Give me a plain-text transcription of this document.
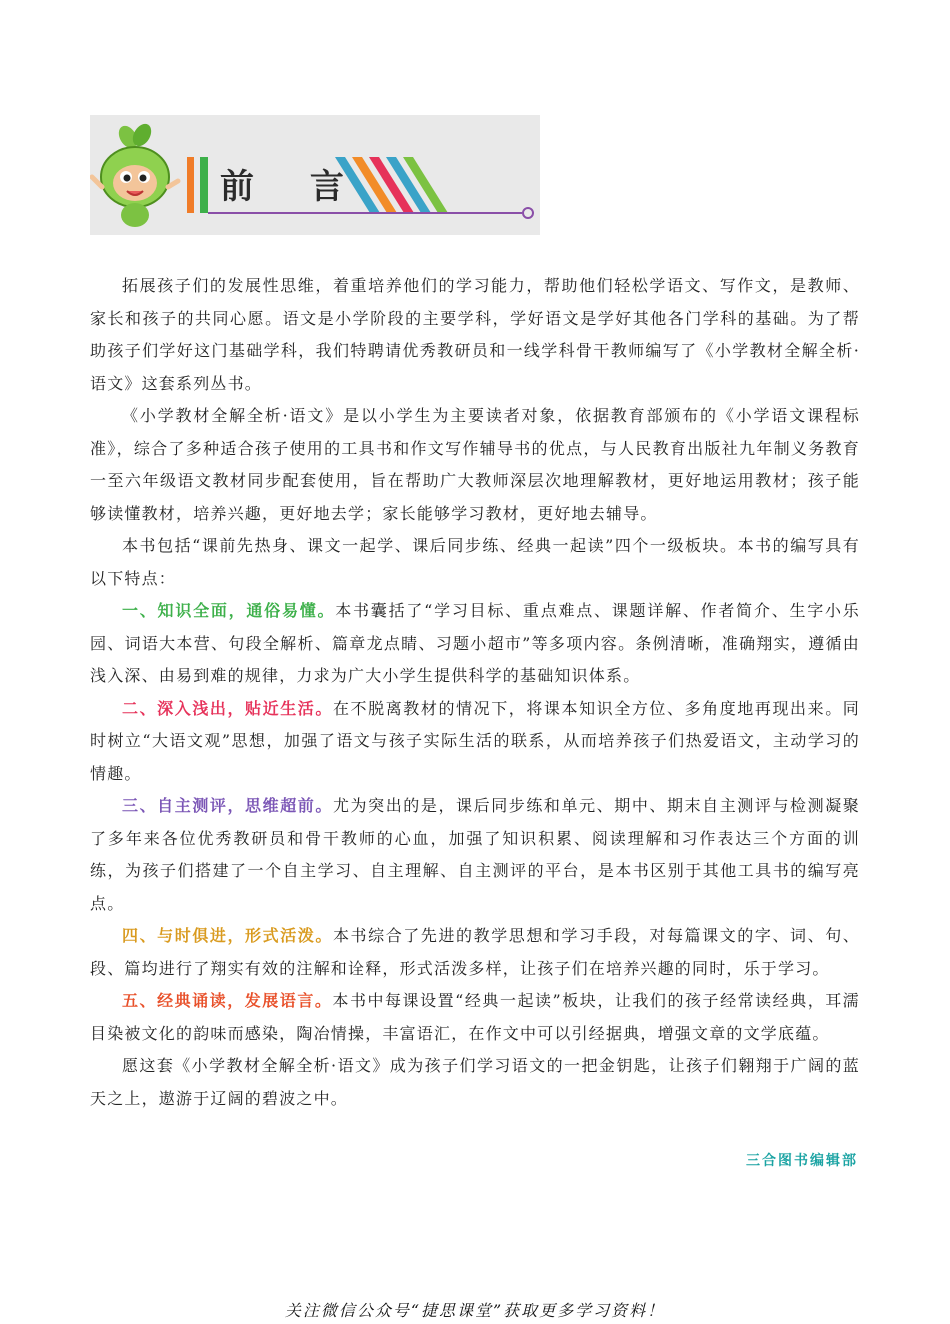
前 言

拓展孩子们的发展性思维，着重培养他们的学习能力，帮助他们轻松学语文、写作文，是教师、家长和孩子的共同心愿。语文是小学阶段的主要学科，学好语文是学好其他各门学科的基础。为了帮助孩子们学好这门基础学科，我们特聘请优秀教研员和一线学科骨干教师编写了《小学教材全解全析·语文》这套系列丛书。

《小学教材全解全析·语文》是以小学生为主要读者对象，依据教育部颁布的《小学语文课程标准》，综合了多种适合孩子使用的工具书和作文写作辅导书的优点，与人民教育出版社九年制义务教育一至六年级语文教材同步配套使用，旨在帮助广大教师深层次地理解教材，更好地运用教材；孩子能够读懂教材，培养兴趣，更好地去学；家长能够学习教材，更好地去辅导。

本书包括“课前先热身、课文一起学、课后同步练、经典一起读”四个一级板块。本书的编写具有以下特点：

一、知识全面，通俗易懂。本书囊括了“学习目标、重点难点、课题详解、作者简介、生字小乐园、词语大本营、句段全解析、篇章龙点睛、习题小超市”等多项内容。条例清晰，准确翔实，遵循由浅入深、由易到难的规律，力求为广大小学生提供科学的基础知识体系。

二、深入浅出，贴近生活。在不脱离教材的情况下，将课本知识全方位、多角度地再现出来。同时树立“大语文观”思想，加强了语文与孩子实际生活的联系，从而培养孩子们热爱语文，主动学习的情趣。

三、自主测评，思维超前。尤为突出的是，课后同步练和单元、期中、期末自主测评与检测凝聚了多年来各位优秀教研员和骨干教师的心血，加强了知识积累、阅读理解和习作表达三个方面的训练，为孩子们搭建了一个自主学习、自主理解、自主测评的平台，是本书区别于其他工具书的编写亮点。

四、与时俱进，形式活泼。本书综合了先进的教学思想和学习手段，对每篇课文的字、词、句、段、篇均进行了翔实有效的注解和诠释，形式活泼多样，让孩子们在培养兴趣的同时，乐于学习。

五、经典诵读，发展语言。本书中每课设置“经典一起读”板块，让我们的孩子经常读经典，耳濡目染被文化的韵味而感染，陶冶情操，丰富语汇，在作文中可以引经据典，增强文章的文学底蕴。

愿这套《小学教材全解全析·语文》成为孩子们学习语文的一把金钥匙，让孩子们翱翔于广阔的蓝天之上，遨游于辽阔的碧波之中。

三合图书编辑部
关注微信公众号“捷思课堂”获取更多学习资料！
